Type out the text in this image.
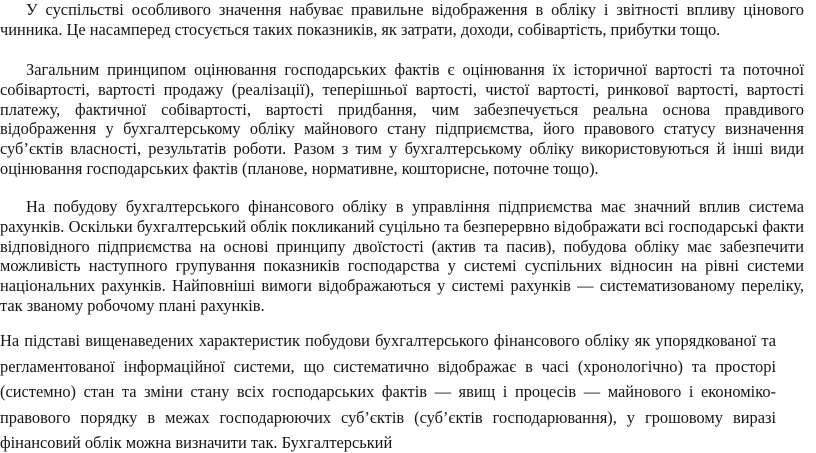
У суспільстві особливого значення набуває правильне відображення в обліку і звітності впливу цінового чинника. Це насамперед стосується таких показників, як затрати, доходи, собівартість, прибутки тощо.

Загальним принципом оцінювання господарських фактів є оцінювання їх історичної вартості та поточної собівартості, вартості продажу (реалізації), теперішньої вартості, чистої вартості, ринкової вартості, вартості платежу, фактичної собівартості, вартості придбання, чим забезпечується реальна основа правдивого відображення у бухгалтерському обліку майнового стану підприємства, його правового статусу визначення суб’єктів власності, результатів роботи. Разом з тим у бухгалтерському обліку використовуються й інші види оцінювання господарських фактів (планове, нормативне, кошторисне, поточне тощо).

На побудову бухгалтерського фінансового обліку в управління підприємства має значний вплив система рахунків. Оскільки бухгалтерський облік покликаний суцільно та безперервно відображати всі господарські факти відповідного підприємства на основі принципу двоїстості (актив та пасив), побудова обліку має забезпечити можливість наступного групування показників господарства у системі суспільних відносин на рівні системи національних рахунків. Найповніші вимоги відображаються у системі рахунків — систематизованому переліку, так званому робочому плані рахунків.

На підставі вищенаведених характеристик побудови бухгалтерського фінансового обліку як упорядкованої та регламентованої інформаційної системи, що систематично відображає в часі (хронологічно) та просторі (системно) стан та зміни стану всіх господарських фактів — явищ і процесів — майнового і економіко-правового порядку в межах господарюючих суб’єктів (суб’єктів господарювання), у грошовому виразі фінансовий облік можна визначити так. Бухгалтерський
